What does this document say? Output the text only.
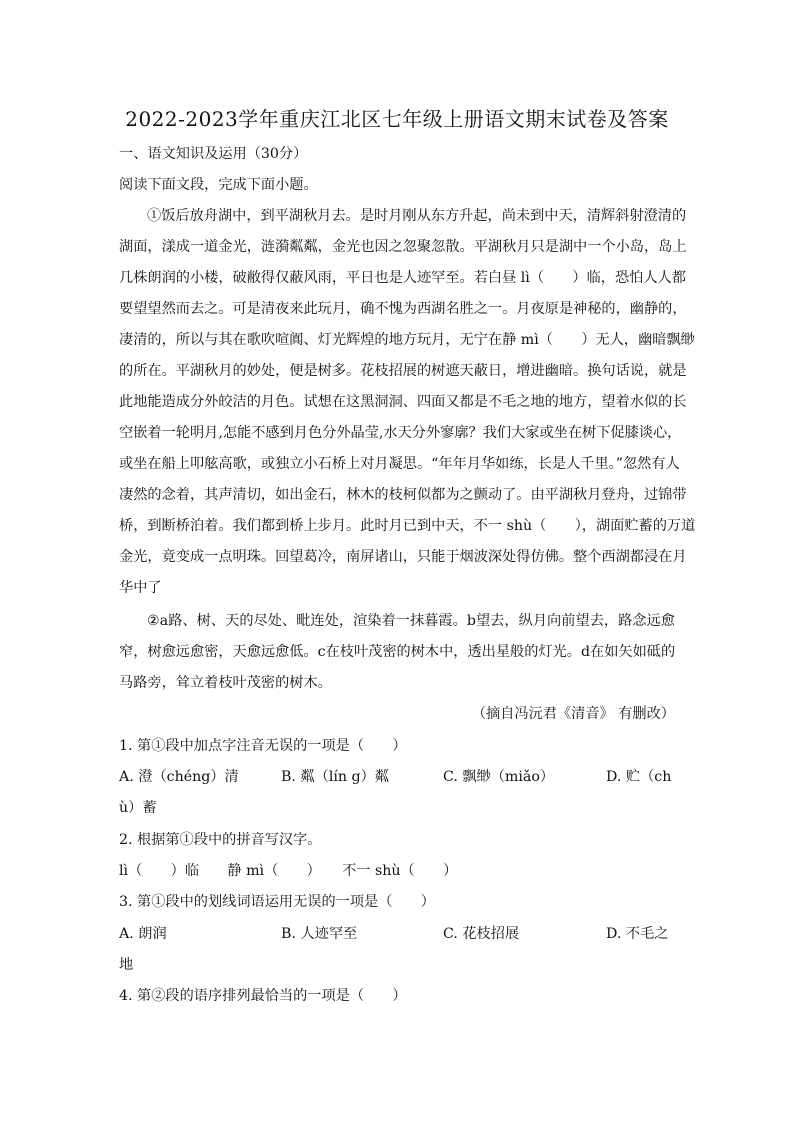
2022-2023学年重庆江北区七年级上册语文期末试卷及答案
一、语文知识及运用（30分）
阅读下面文段，完成下面小题。
①饭后放舟湖中，到平湖秋月去。是时月刚从东方升起，尚未到中天，清辉斜射澄清的
湖面，漾成一道金光，涟漪粼粼，金光也因之忽聚忽散。平湖秋月只是湖中一个小岛，岛上
几株朗润的小楼，破敝得仅蔽风雨，平日也是人迹罕至。若白昼 lì（　　）临，恐怕人人都
要望望然而去之。可是清夜来此玩月，确不愧为西湖名胜之一。月夜原是神秘的，幽静的，
凄清的，所以与其在歌吹喧阗、灯光辉煌的地方玩月，无宁在静 mì（　　）无人，幽暗飘缈
的所在。平湖秋月的妙处，便是树多。花枝招展的树遮天蔽日，增进幽暗。换句话说，就是
此地能造成分外皎洁的月色。试想在这黑洞洞、四面又都是不毛之地的地方，望着水似的长
空嵌着一轮明月,怎能不感到月色分外晶莹,水天分外寥廓？我们大家或坐在树下促膝谈心，
或坐在船上叩舷高歌，或独立小石桥上对月凝思。“年年月华如练，长是人千里。”忽然有人
凄然的念着，其声清切，如出金石，林木的枝柯似都为之颤动了。由平湖秋月登舟，过锦带
桥，到断桥泊着。我们都到桥上步月。此时月已到中天，不一 shù（　　），湖面贮蓄的万道
金光，竟变成一点明珠。回望葛冷，南屏诸山，只能于烟波深处得仿佛。整个西湖都浸在月
华中了
②a路、树、天的尽处、毗连处，渲染着一抹暮霞。b望去，纵月向前望去，路念远愈
窄，树愈远愈密，天愈远愈低。c在枝叶茂密的树木中，透出星般的灯光。d在如矢如砥的
马路旁，耸立着枝叶茂密的树木。
（摘自冯沅君《清音》 有删改）
1. 第①段中加点字注音无误的一项是（　　）
A. 澄（chéng）清	B. 粼（lín g）粼	C. 飘缈（miǎo）	D. 贮（ch
ù）蓄
2. 根据第①段中的拼音写汉字。
lì（　　）临　　静 mì（　　）　　不一 shù（　　）
3. 第①段中的划线词语运用无误的一项是（　　）
A. 朗润	B. 人迹罕至	C. 花枝招展	D. 不毛之
地
4. 第②段的语序排列最恰当的一项是（　　）
